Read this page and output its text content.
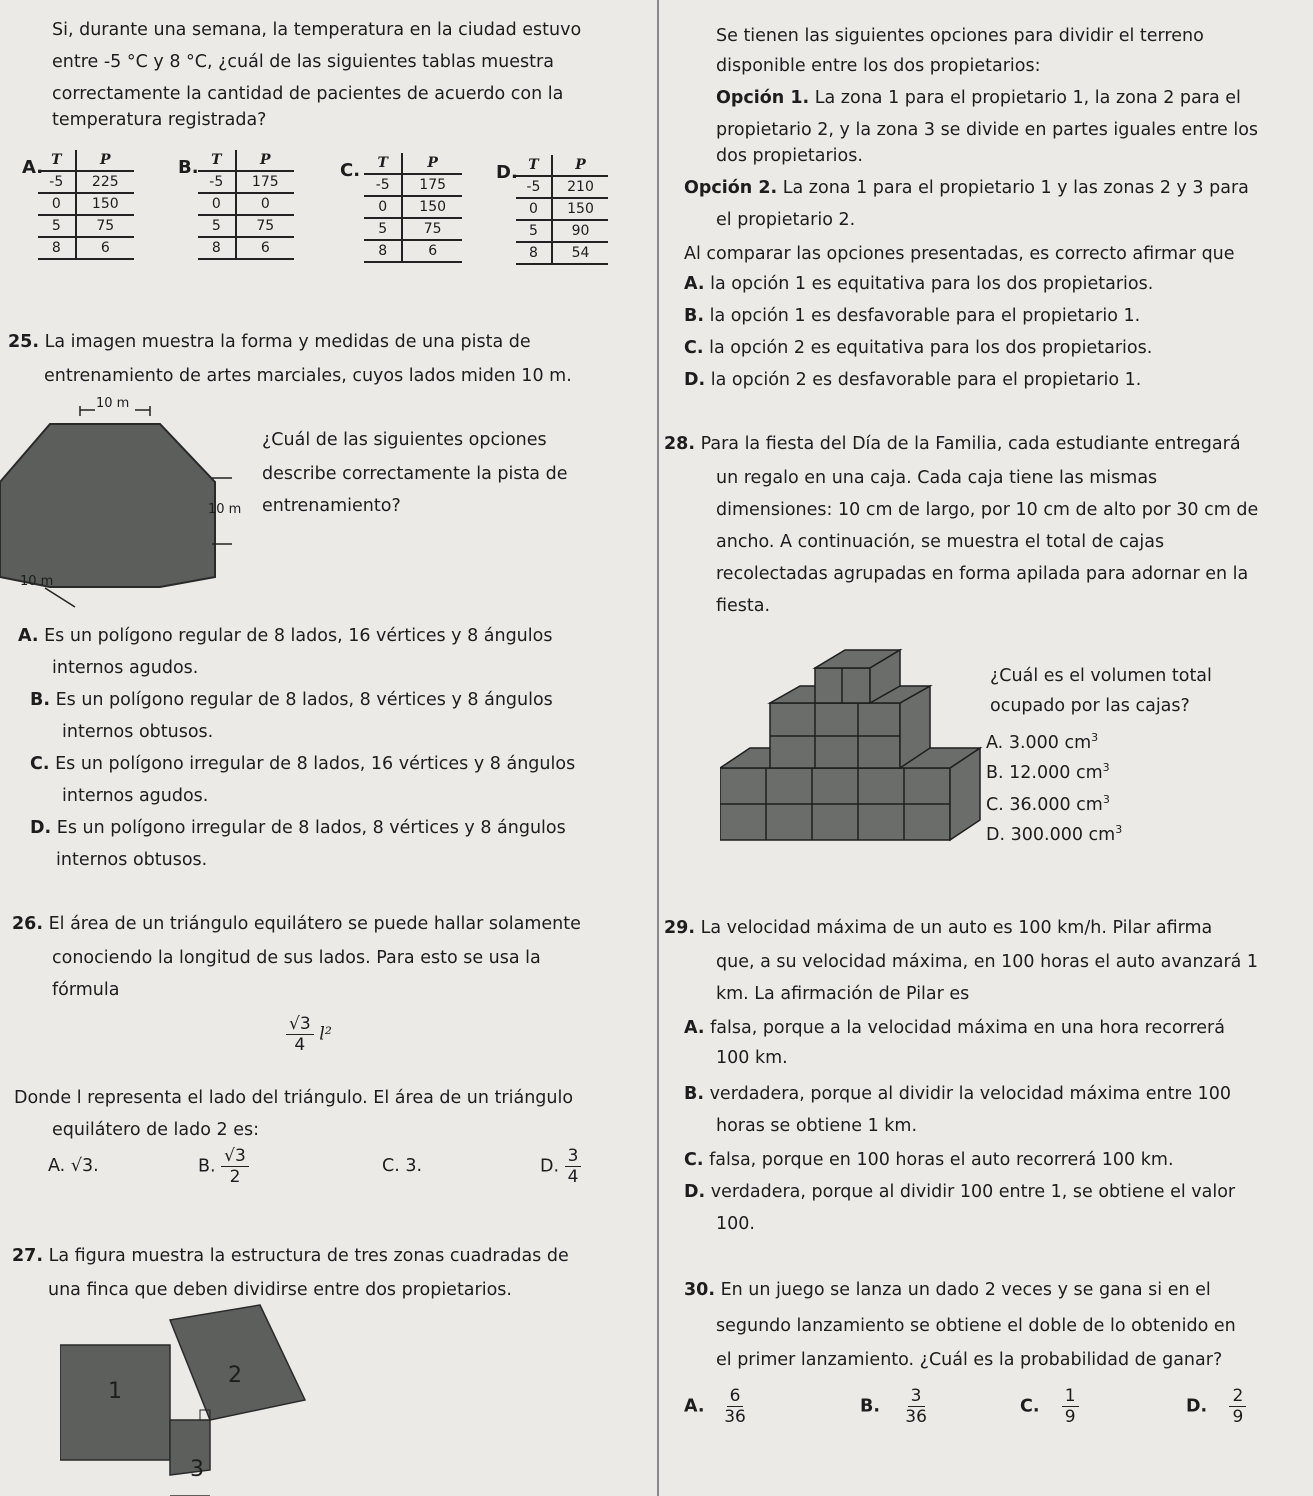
Si, durante una semana, la temperatura en la ciudad estuvo
entre -5 °C y 8 °C, ¿cuál de las siguientes tablas muestra
correctamente la cantidad de pacientes de acuerdo con la
temperatura registrada?
A. T	P
-5	225
0	150
5	75
8	6
B. T	P
-5	175
0	0
5	75
8	6
C. T	P
-5	175
0	150
5	75
8	6
D. T	P
-5	210
0	150
5	90
8	54
25. La imagen muestra la forma y medidas de una pista de
entrenamiento de artes marciales, cuyos lados miden 10 m.
10 m
10 m
10 m
¿Cuál de las siguientes opciones
describe correctamente la pista de
entrenamiento?
A. Es un polígono regular de 8 lados, 16 vértices y 8 ángulos
internos agudos.
B. Es un polígono regular de 8 lados, 8 vértices y 8 ángulos
internos obtusos.
C. Es un polígono irregular de 8 lados, 16 vértices y 8 ángulos
internos agudos.
D. Es un polígono irregular de 8 lados, 8 vértices y 8 ángulos
internos obtusos.
26. El área de un triángulo equilátero se puede hallar solamente
conociendo la longitud de sus lados. Para esto se usa la
fórmula
$\frac{√3}{4} l^2$
Donde l representa el lado del triángulo. El área de un triángulo
equilátero de lado 2 es:
A. √3.	B. $\frac{√3}{2}$	C. 3.	D. $\frac{3}{4}$
27. La figura muestra la estructura de tres zonas cuadradas de
una finca que deben dividirse entre dos propietarios.
1
2
3
Se tienen las siguientes opciones para dividir el terreno
disponible entre los dos propietarios:
Opción 1. La zona 1 para el propietario 1, la zona 2 para el
propietario 2, y la zona 3 se divide en partes iguales entre los
dos propietarios.
Opción 2. La zona 1 para el propietario 1 y las zonas 2 y 3 para
el propietario 2.
Al comparar las opciones presentadas, es correcto afirmar que
A. la opción 1 es equitativa para los dos propietarios.
B. la opción 1 es desfavorable para el propietario 1.
C. la opción 2 es equitativa para los dos propietarios.
D. la opción 2 es desfavorable para el propietario 1.
28. Para la fiesta del Día de la Familia, cada estudiante entregará
un regalo en una caja. Cada caja tiene las mismas
dimensiones: 10 cm de largo, por 10 cm de alto por 30 cm de
ancho. A continuación, se muestra el total de cajas
recolectadas agrupadas en forma apilada para adornar en la
fiesta.
¿Cuál es el volumen total
ocupado por las cajas?
A. 3.000 $cm^3$
B. 12.000 $cm^3$
C. 36.000 $cm^3$
D. 300.000 $cm^3$
29. La velocidad máxima de un auto es 100 km/h. Pilar afirma
que, a su velocidad máxima, en 100 horas el auto avanzará 1
km. La afirmación de Pilar es
A. falsa, porque a la velocidad máxima en una hora recorrerá
100 km.
B. verdadera, porque al dividir la velocidad máxima entre 100
horas se obtiene 1 km.
C. falsa, porque en 100 horas el auto recorrerá 100 km.
D. verdadera, porque al dividir 100 entre 1, se obtiene el valor
100.
30. En un juego se lanza un dado 2 veces y se gana si en el
segundo lanzamiento se obtiene el doble de lo obtenido en
el primer lanzamiento. ¿Cuál es la probabilidad de ganar?
A. $\frac{6}{36}$	B. $\frac{3}{36}$	C. $\frac{1}{9}$	D. $\frac{2}{9}$
